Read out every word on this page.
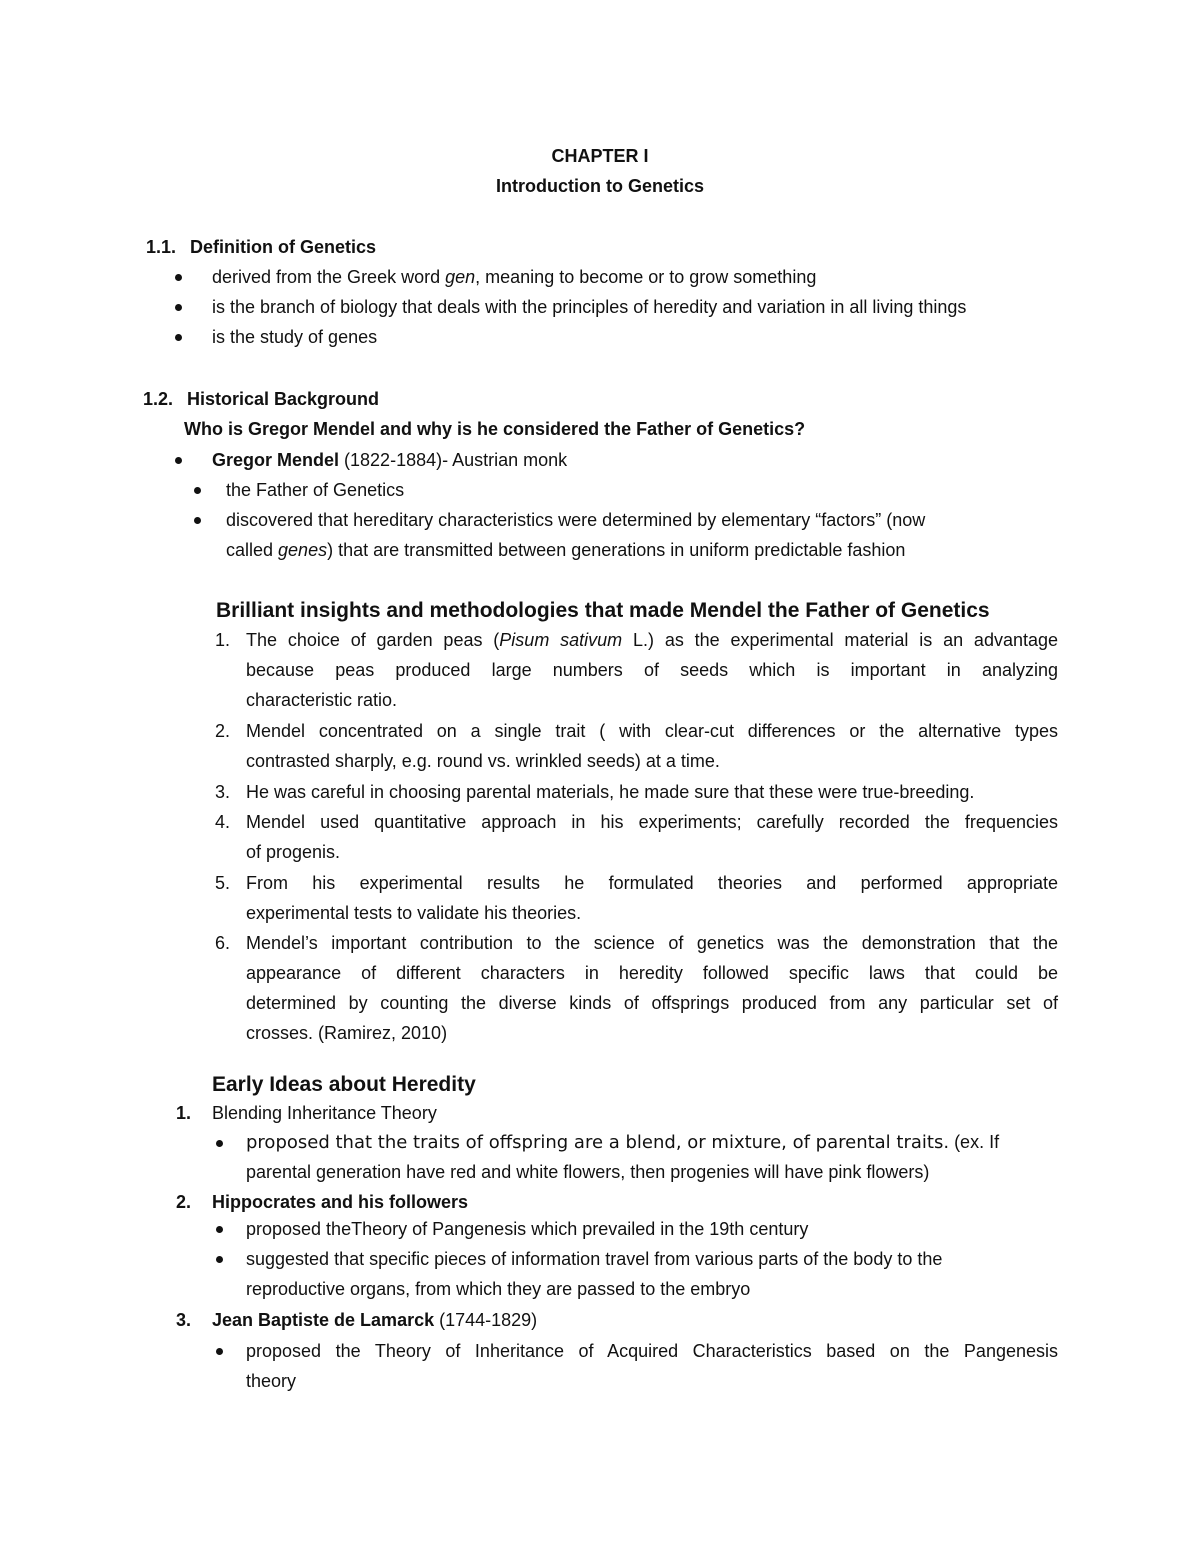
CHAPTER I
Introduction to Genetics
1.1. Definition of Genetics
derived from the Greek word gen, meaning to become or to grow something
is the branch of biology that deals with the principles of heredity and variation in all living things
is the study of genes
1.2. Historical Background
Who is Gregor Mendel and why is he considered the Father of Genetics?
Gregor Mendel (1822-1884)- Austrian monk
the Father of Genetics
discovered that hereditary characteristics were determined by elementary “factors” (now
called genes) that are transmitted between generations in uniform predictable fashion
Brilliant insights and methodologies that made Mendel the Father of Genetics
1. The choice of garden peas (Pisum sativum L.) as the experimental material is an advantage
because peas produced large numbers of seeds which is important in analyzing
characteristic ratio.
2. Mendel concentrated on a single trait ( with clear-cut differences or the alternative types
contrasted sharply, e.g. round vs. wrinkled seeds) at a time.
3. He was careful in choosing parental materials, he made sure that these were true-breeding.
4. Mendel used quantitative approach in his experiments; carefully recorded the frequencies
of progenis.
5. From his experimental results he formulated theories and performed appropriate
experimental tests to validate his theories.
6. Mendel’s important contribution to the science of genetics was the demonstration that the
appearance of different characters in heredity followed specific laws that could be
determined by counting the diverse kinds of offsprings produced from any particular set of
crosses. (Ramirez, 2010)
Early Ideas about Heredity
1. Blending Inheritance Theory
proposed that the traits of offspring are a blend, or mixture, of parental traits. (ex. If
parental generation have red and white flowers, then progenies will have pink flowers)
2. Hippocrates and his followers
proposed theTheory of Pangenesis which prevailed in the 19th century
suggested that specific pieces of information travel from various parts of the body to the
reproductive organs, from which they are passed to the embryo
3. Jean Baptiste de Lamarck (1744-1829)
proposed the Theory of Inheritance of Acquired Characteristics based on the Pangenesis
theory
